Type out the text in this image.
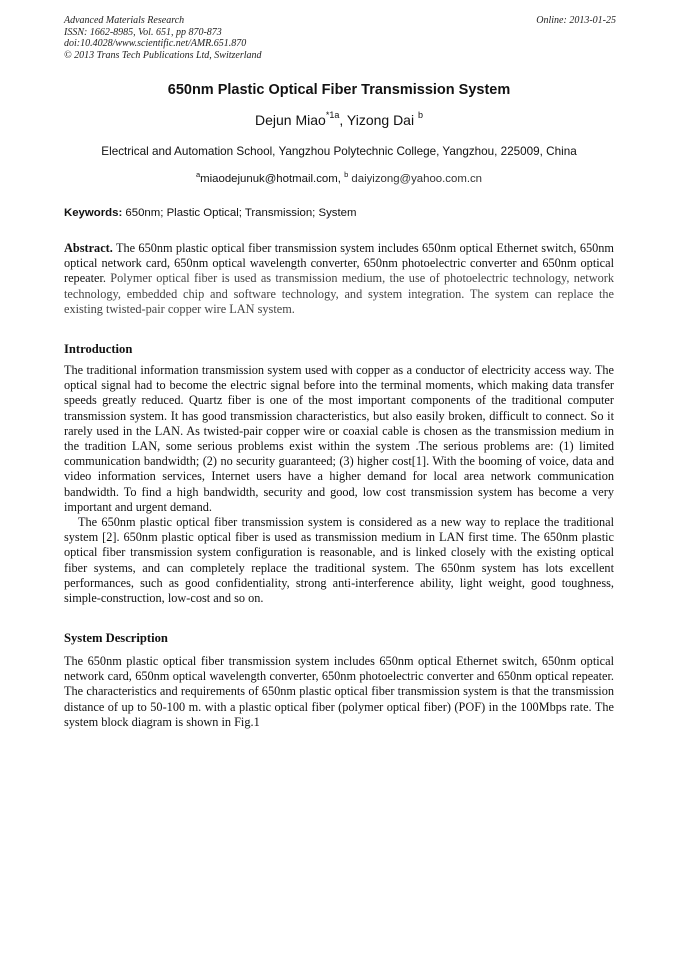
Advanced Materials Research
ISSN: 1662-8985, Vol. 651, pp 870-873
doi:10.4028/www.scientific.net/AMR.651.870
© 2013 Trans Tech Publications Ltd, Switzerland
Online: 2013-01-25
650nm Plastic Optical Fiber Transmission System
Dejun Miao$^{*1a}$, Yizong Dai $^b$
Electrical and Automation School, Yangzhou Polytechnic College, Yangzhou, 225009, China
$^a$miaodejunuk@hotmail.com, $^b$ daiyizong@yahoo.com.cn
Keywords: 650nm; Plastic Optical; Transmission; System
Abstract. The 650nm plastic optical fiber transmission system includes 650nm optical Ethernet switch, 650nm optical network card, 650nm optical wavelength converter, 650nm photoelectric converter and 650nm optical repeater. Polymer optical fiber is used as transmission medium, the use of photoelectric technology, network technology, embedded chip and software technology, and system integration. The system can replace the existing twisted-pair copper wire LAN system.
Introduction
The traditional information transmission system used with copper as a conductor of electricity access way. The optical signal had to become the electric signal before into the terminal moments, which making data transfer speeds greatly reduced. Quartz fiber is one of the most important components of the traditional computer transmission system. It has good transmission characteristics, but also easily broken, difficult to connect. So it rarely used in the LAN. As twisted-pair copper wire or coaxial cable is chosen as the transmission medium in the tradition LAN, some serious problems exist within the system .The serious problems are: (1) limited communication bandwidth; (2) no security guaranteed; (3) higher cost[1]. With the booming of voice, data and video information services, Internet users have a higher demand for local area network communication bandwidth. To find a high bandwidth, security and good, low cost transmission system has become a very important and urgent demand.
The 650nm plastic optical fiber transmission system is considered as a new way to replace the traditional system [2]. 650nm plastic optical fiber is used as transmission medium in LAN first time. The 650nm plastic optical fiber transmission system configuration is reasonable, and is linked closely with the existing optical fiber systems, and can completely replace the traditional system. The 650nm system has lots excellent performances, such as good confidentiality, strong anti-interference ability, light weight, good toughness, simple-construction, low-cost and so on.
System Description
The 650nm plastic optical fiber transmission system includes 650nm optical Ethernet switch, 650nm optical network card, 650nm optical wavelength converter, 650nm photoelectric converter and 650nm optical repeater. The characteristics and requirements of 650nm plastic optical fiber transmission system is that the transmission distance of up to 50-100 m. with a plastic optical fiber (polymer optical fiber) (POF) in the 100Mbps rate. The system block diagram is shown in Fig.1
